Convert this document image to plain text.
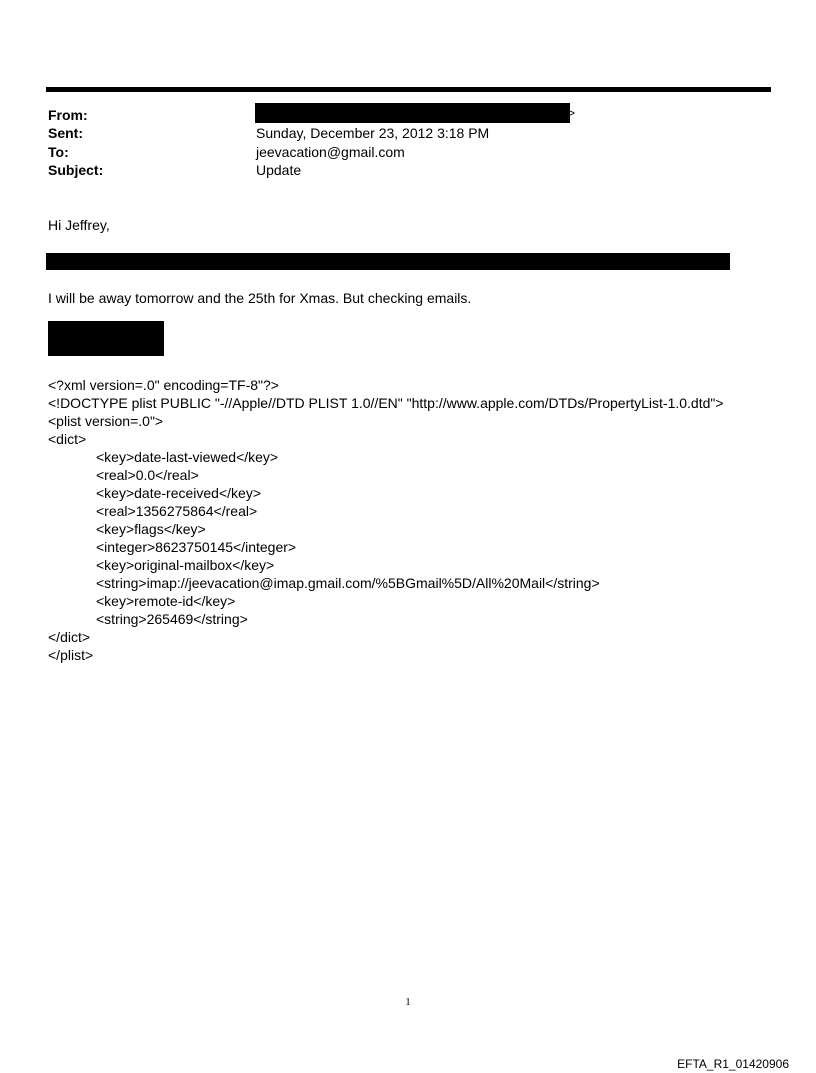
From:
Sent:	Sunday, December 23, 2012 3:18 PM
To:	jeevacation@gmail.com
Subject:	Update
>
Hi Jeffrey,
I will be away tomorrow and the 25th for Xmas. But checking emails.
<?xml version=.0" encoding=TF-8"?>
<!DOCTYPE plist PUBLIC "-//Apple//DTD PLIST 1.0//EN" "http://www.apple.com/DTDs/PropertyList-1.0.dtd">
<plist version=.0">
<dict>
<key>date-last-viewed</key>
<real>0.0</real>
<key>date-received</key>
<real>1356275864</real>
<key>flags</key>
<integer>8623750145</integer>
<key>original-mailbox</key>
<string>imap://jeevacation@imap.gmail.com/%5BGmail%5D/All%20Mail</string>
<key>remote-id</key>
<string>265469</string>
</dict>
</plist>
1
EFTA_R1_01420906
